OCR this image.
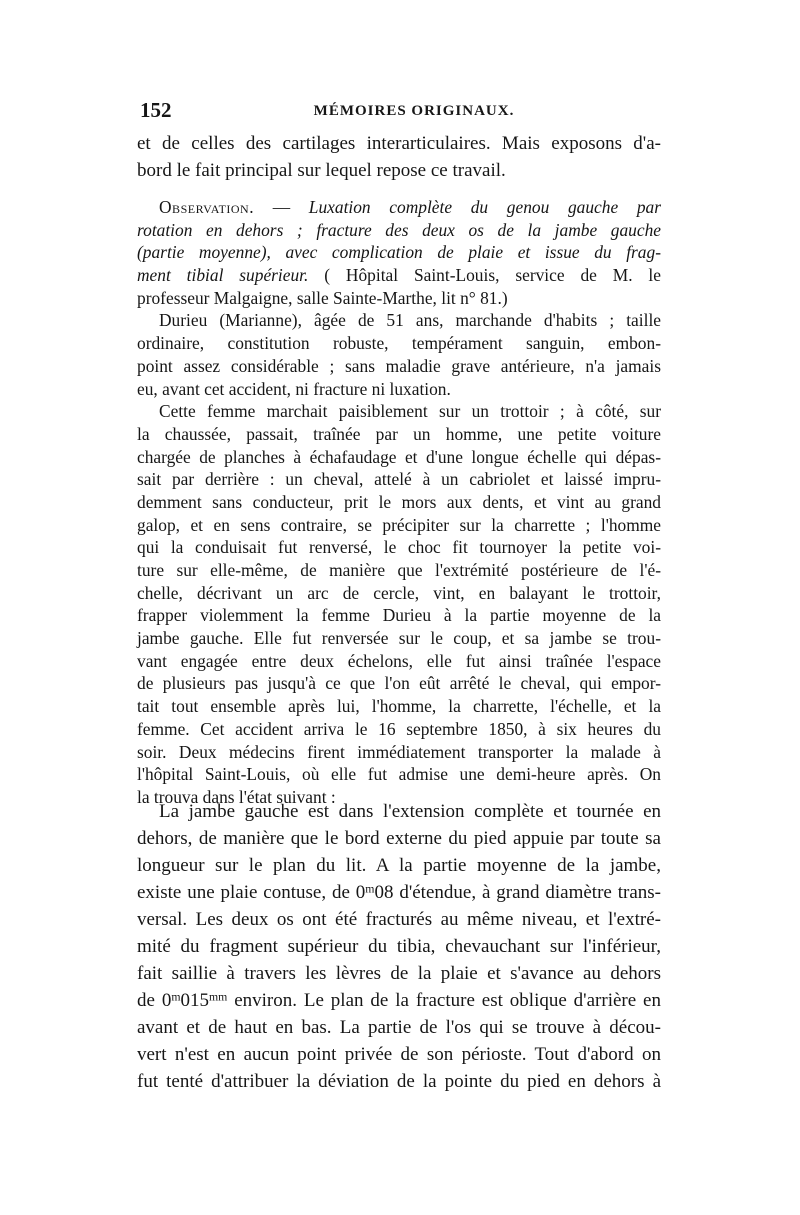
152	MÉMOIRES ORIGINAUX.
et de celles des cartilages interarticulaires. Mais exposons d'a-
bord le fait principal sur lequel repose ce travail.
Observation. — Luxation complète du genou gauche par
rotation en dehors ; fracture des deux os de la jambe gauche
(partie moyenne), avec complication de plaie et issue du frag-
ment tibial supérieur. ( Hôpital Saint-Louis, service de M. le
professeur Malgaigne, salle Sainte-Marthe, lit n° 81.)
Durieu (Marianne), âgée de 51 ans, marchande d'habits ; taille
ordinaire, constitution robuste, tempérament sanguin, embon-
point assez considérable ; sans maladie grave antérieure, n'a jamais
eu, avant cet accident, ni fracture ni luxation.
Cette femme marchait paisiblement sur un trottoir ; à côté, sur
la chaussée, passait, traînée par un homme, une petite voiture
chargée de planches à échafaudage et d'une longue échelle qui dépas-
sait par derrière : un cheval, attelé à un cabriolet et laissé impru-
demment sans conducteur, prit le mors aux dents, et vint au grand
galop, et en sens contraire, se précipiter sur la charrette ; l'homme
qui la conduisait fut renversé, le choc fit tournoyer la petite voi-
ture sur elle-même, de manière que l'extrémité postérieure de l'é-
chelle, décrivant un arc de cercle, vint, en balayant le trottoir,
frapper violemment la femme Durieu à la partie moyenne de la
jambe gauche. Elle fut renversée sur le coup, et sa jambe se trou-
vant engagée entre deux échelons, elle fut ainsi traînée l'espace
de plusieurs pas jusqu'à ce que l'on eût arrêté le cheval, qui empor-
tait tout ensemble après lui, l'homme, la charrette, l'échelle, et la
femme. Cet accident arriva le 16 septembre 1850, à six heures du
soir. Deux médecins firent immédiatement transporter la malade à
l'hôpital Saint-Louis, où elle fut admise une demi-heure après. On
la trouva dans l'état suivant :
La jambe gauche est dans l'extension complète et tournée en
dehors, de manière que le bord externe du pied appuie par toute sa
longueur sur le plan du lit. A la partie moyenne de la jambe,
existe une plaie contuse, de 0$^m$08 d'étendue, à grand diamètre trans-
versal. Les deux os ont été fracturés au même niveau, et l'extré-
mité du fragment supérieur du tibia, chevauchant sur l'inférieur,
fait saillie à travers les lèvres de la plaie et s'avance au dehors
de $0^m015^{mm}$ environ. Le plan de la fracture est oblique d'arrière en
avant et de haut en bas. La partie de l'os qui se trouve à décou-
vert n'est en aucun point privée de son périoste. Tout d'abord on
fut tenté d'attribuer la déviation de la pointe du pied en dehors à
